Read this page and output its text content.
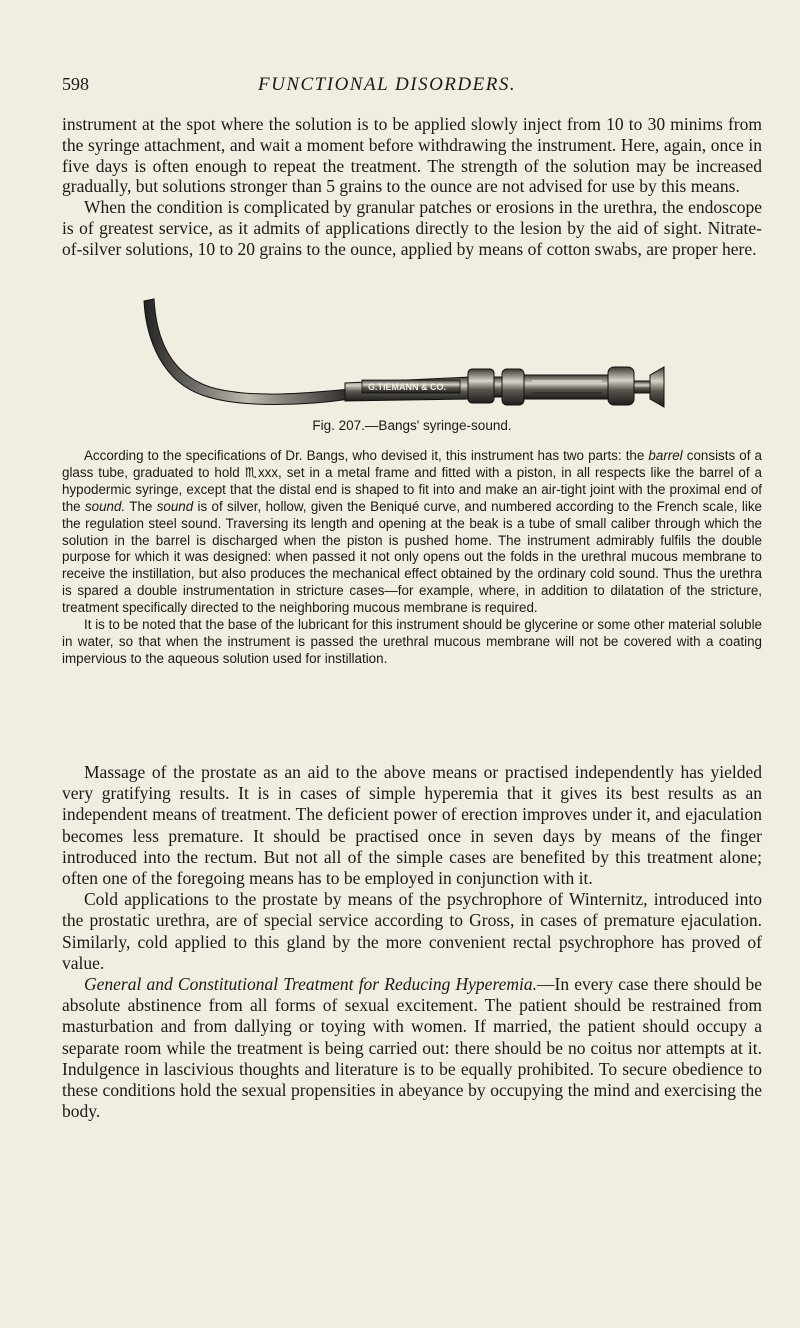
598	FUNCTIONAL DISORDERS.

instrument at the spot where the solution is to be applied slowly inject from 10 to 30 minims from the syringe attachment, and wait a moment before withdrawing the instrument. Here, again, once in five days is often enough to repeat the treatment. The strength of the solution may be increased gradually, but solutions stronger than 5 grains to the ounce are not advised for use by this means.

When the condition is complicated by granular patches or erosions in the urethra, the endoscope is of greatest service, as it admits of applications directly to the lesion by the aid of sight. Nitrate-of-silver solutions, 10 to 20 grains to the ounce, applied by means of cotton swabs, are proper here.

G.TIEMANN & CO.
Fig. 207.—Bangs' syringe-sound.

According to the specifications of Dr. Bangs, who devised it, this instrument has two parts: the barrel consists of a glass tube, graduated to hold ♏xxx, set in a metal frame and fitted with a piston, in all respects like the barrel of a hypodermic syringe, except that the distal end is shaped to fit into and make an air-tight joint with the proximal end of the sound. The sound is of silver, hollow, given the Beniqué curve, and numbered according to the French scale, like the regulation steel sound. Traversing its length and opening at the beak is a tube of small caliber through which the solution in the barrel is discharged when the piston is pushed home. The instrument admirably fulfils the double purpose for which it was designed: when passed it not only opens out the folds in the urethral mucous membrane to receive the instillation, but also produces the mechanical effect obtained by the ordinary cold sound. Thus the urethra is spared a double instrumentation in stricture cases—for example, where, in addition to dilatation of the stricture, treatment specifically directed to the neighboring mucous membrane is required.

It is to be noted that the base of the lubricant for this instrument should be glycerine or some other material soluble in water, so that when the instrument is passed the urethral mucous membrane will not be covered with a coating impervious to the aqueous solution used for instillation.

Massage of the prostate as an aid to the above means or practised independently has yielded very gratifying results. It is in cases of simple hyperemia that it gives its best results as an independent means of treatment. The deficient power of erection improves under it, and ejaculation becomes less premature. It should be practised once in seven days by means of the finger introduced into the rectum. But not all of the simple cases are benefited by this treatment alone; often one of the foregoing means has to be employed in conjunction with it.

Cold applications to the prostate by means of the psychrophore of Winternitz, introduced into the prostatic urethra, are of special service according to Gross, in cases of premature ejaculation. Similarly, cold applied to this gland by the more convenient rectal psychrophore has proved of value.

General and Constitutional Treatment for Reducing Hyperemia.—In every case there should be absolute abstinence from all forms of sexual excitement. The patient should be restrained from masturbation and from dallying or toying with women. If married, the patient should occupy a separate room while the treatment is being carried out: there should be no coitus nor attempts at it. Indulgence in lascivious thoughts and literature is to be equally prohibited. To secure obedience to these conditions hold the sexual propensities in abeyance by occupying the mind and exercising the body.
